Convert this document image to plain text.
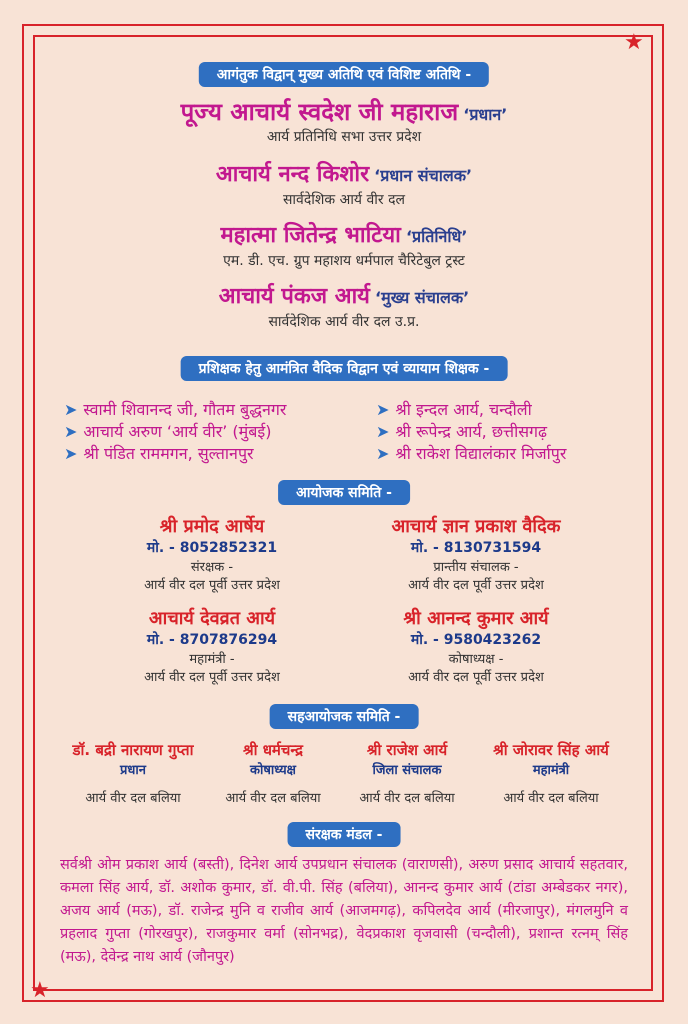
★
★
आगंतुक विद्वान् मुख्य अतिथि एवं विशिष्ट अतिथि -
पूज्य आचार्य स्वदेश जी महाराज ‘प्रधान’
आर्य प्रतिनिधि सभा उत्तर प्रदेश
आचार्य नन्द किशोर ‘प्रधान संचालक’
सार्वदेशिक आर्य वीर दल
महात्मा जितेन्द्र भाटिया ‘प्रतिनिधि’
एम. डी. एच. ग्रुप महाशय धर्मपाल चैरिटेबुल ट्रस्ट
आचार्य पंकज आर्य ‘मुख्य संचालक’
सार्वदेशिक आर्य वीर दल उ.प्र.
प्रशिक्षक हेतु आमंत्रित वैदिक विद्वान एवं व्यायाम शिक्षक -
➤ स्वामी शिवानन्द जी, गौतम बुद्धनगर
➤ आचार्य अरुण ‘आर्य वीर’ (मुंबई)
➤ श्री पंडित राममगन, सुल्तानपुर
➤ श्री इन्दल आर्य, चन्दौली
➤ श्री रूपेन्द्र आर्य, छत्तीसगढ़
➤ श्री राकेश विद्यालंकार मिर्जापुर
आयोजक समिति -
श्री प्रमोद आर्षेय
मो. - 8052852321
संरक्षक -
आर्य वीर दल पूर्वी उत्तर प्रदेश
आचार्य ज्ञान प्रकाश वैदिक
मो. - 8130731594
प्रान्तीय संचालक -
आर्य वीर दल पूर्वी उत्तर प्रदेश
आचार्य देवव्रत आर्य
मो. - 8707876294
महामंत्री -
आर्य वीर दल पूर्वी उत्तर प्रदेश
श्री आनन्द कुमार आर्य
मो. - 9580423262
कोषाध्यक्ष -
आर्य वीर दल पूर्वी उत्तर प्रदेश
सहआयोजक समिति -
डॉ. बद्री नारायण गुप्ता
प्रधान
आर्य वीर दल बलिया
श्री धर्मचन्द्र
कोषाध्यक्ष
आर्य वीर दल बलिया
श्री राजेश आर्य
जिला संचालक
आर्य वीर दल बलिया
श्री जोरावर सिंह आर्य
महामंत्री
आर्य वीर दल बलिया
संरक्षक मंडल -
सर्वश्री ओम प्रकाश आर्य (बस्ती), दिनेश आर्य उपप्रधान संचालक (वाराणसी), अरुण प्रसाद आचार्य सहतवार, कमला सिंह आर्य, डॉ. अशोक कुमार, डॉ. वी.पी. सिंह (बलिया), आनन्द कुमार आर्य (टांडा अम्बेडकर नगर), अजय आर्य (मऊ), डॉ. राजेन्द्र मुनि व राजीव आर्य (आजमगढ़), कपिलदेव आर्य (मीरजापुर), मंगलमुनि व प्रहलाद गुप्ता (गोरखपुर), राजकुमार वर्मा (सोनभद्र), वेदप्रकाश वृजवासी (चन्दौली), प्रशान्त रत्नम् सिंह (मऊ), देवेन्द्र नाथ आर्य (जौनपुर)
